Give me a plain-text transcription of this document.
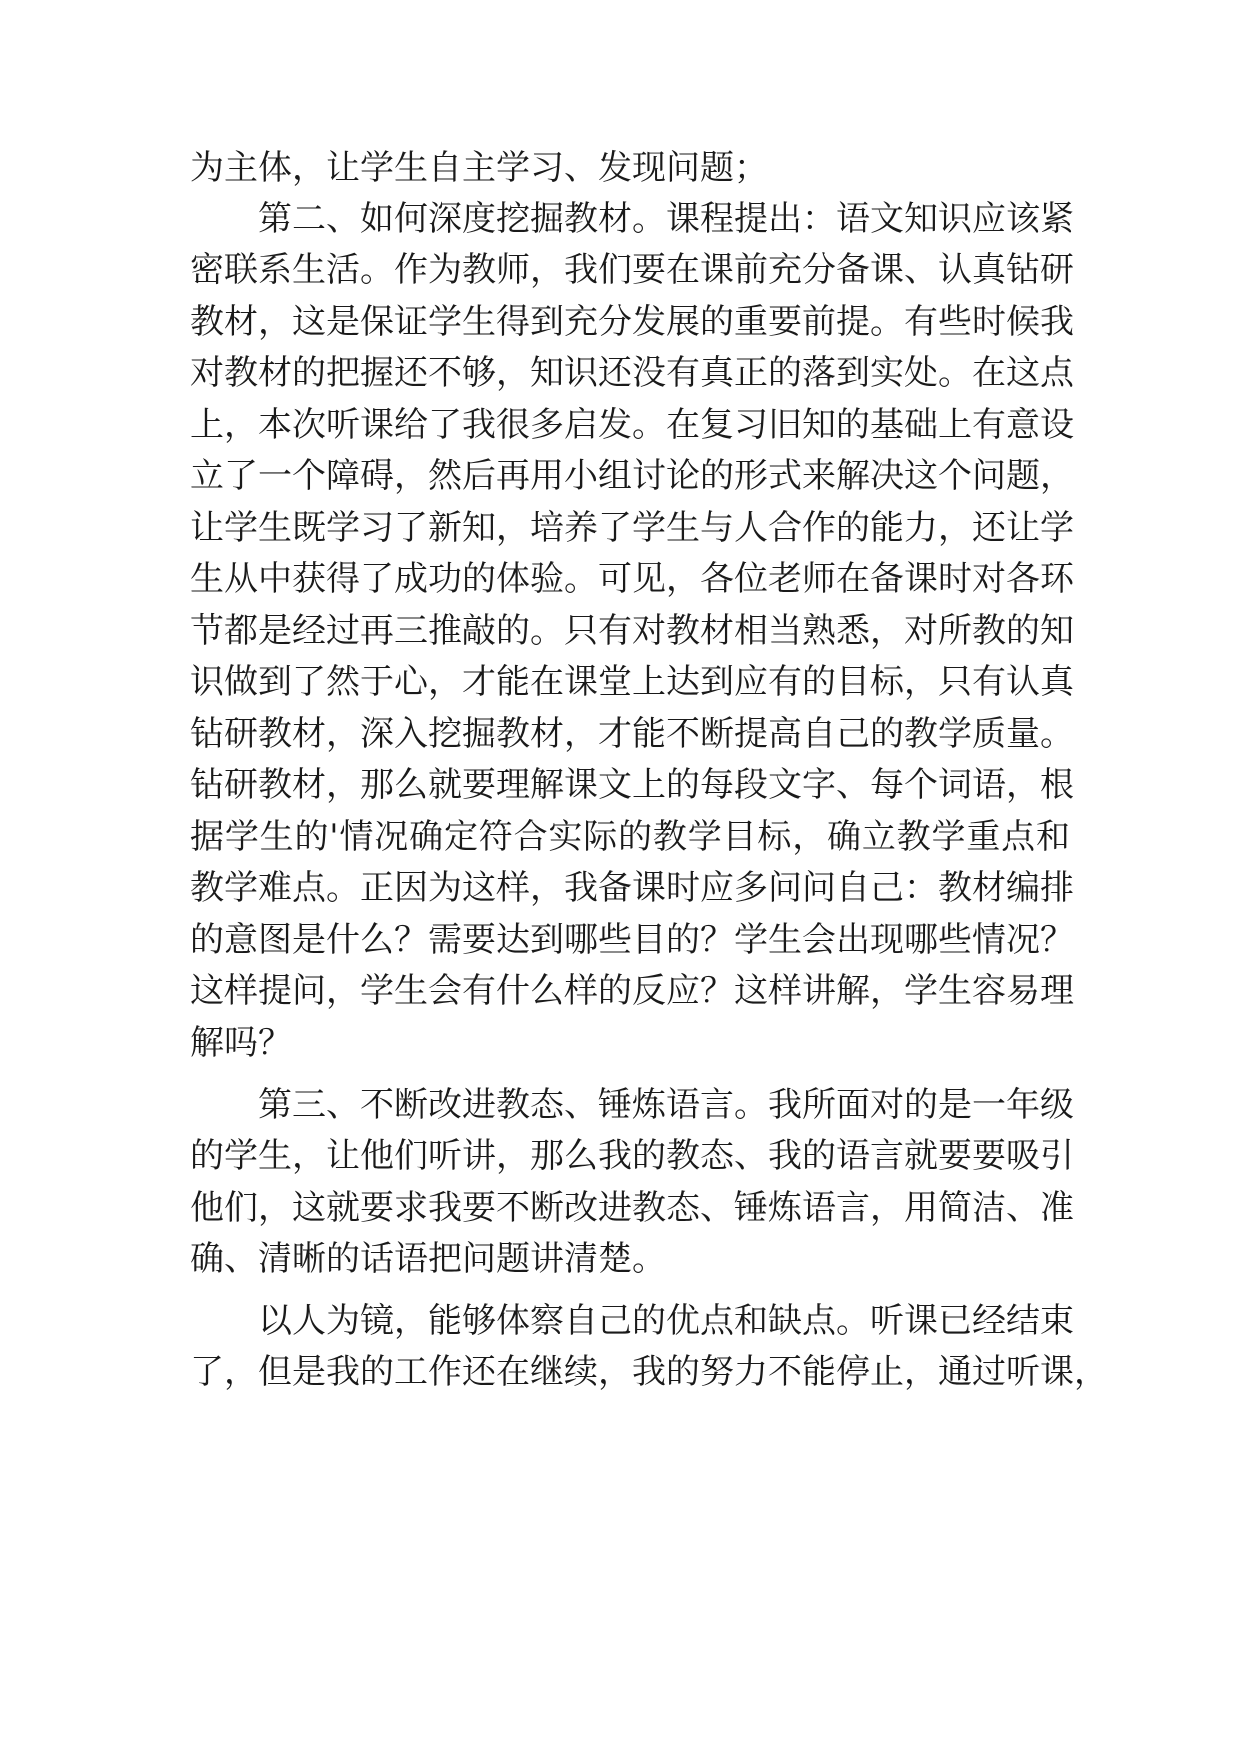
为主体，让学生自主学习、发现问题；
第二、如何深度挖掘教材。课程提出：语文知识应该紧
密联系生活。作为教师，我们要在课前充分备课、认真钻研
教材，这是保证学生得到充分发展的重要前提。有些时候我
对教材的把握还不够，知识还没有真正的落到实处。在这点
上，本次听课给了我很多启发。在复习旧知的基础上有意设
立了一个障碍，然后再用小组讨论的形式来解决这个问题，
让学生既学习了新知，培养了学生与人合作的能力，还让学
生从中获得了成功的体验。可见，各位老师在备课时对各环
节都是经过再三推敲的。只有对教材相当熟悉，对所教的知
识做到了然于心，才能在课堂上达到应有的目标，只有认真
钻研教材，深入挖掘教材，才能不断提高自己的教学质量。
钻研教材，那么就要理解课文上的每段文字、每个词语，根
据学生的'情况确定符合实际的教学目标，确立教学重点和
教学难点。正因为这样，我备课时应多问问自己：教材编排
的意图是什么？需要达到哪些目的？学生会出现哪些情况？
这样提问，学生会有什么样的反应？这样讲解，学生容易理
解吗？
第三、不断改进教态、锤炼语言。我所面对的是一年级
的学生，让他们听讲，那么我的教态、我的语言就要要吸引
他们，这就要求我要不断改进教态、锤炼语言，用简洁、准
确、清晰的话语把问题讲清楚。
以人为镜，能够体察自己的优点和缺点。听课已经结束
了，但是我的工作还在继续，我的努力不能停止，通过听课，
